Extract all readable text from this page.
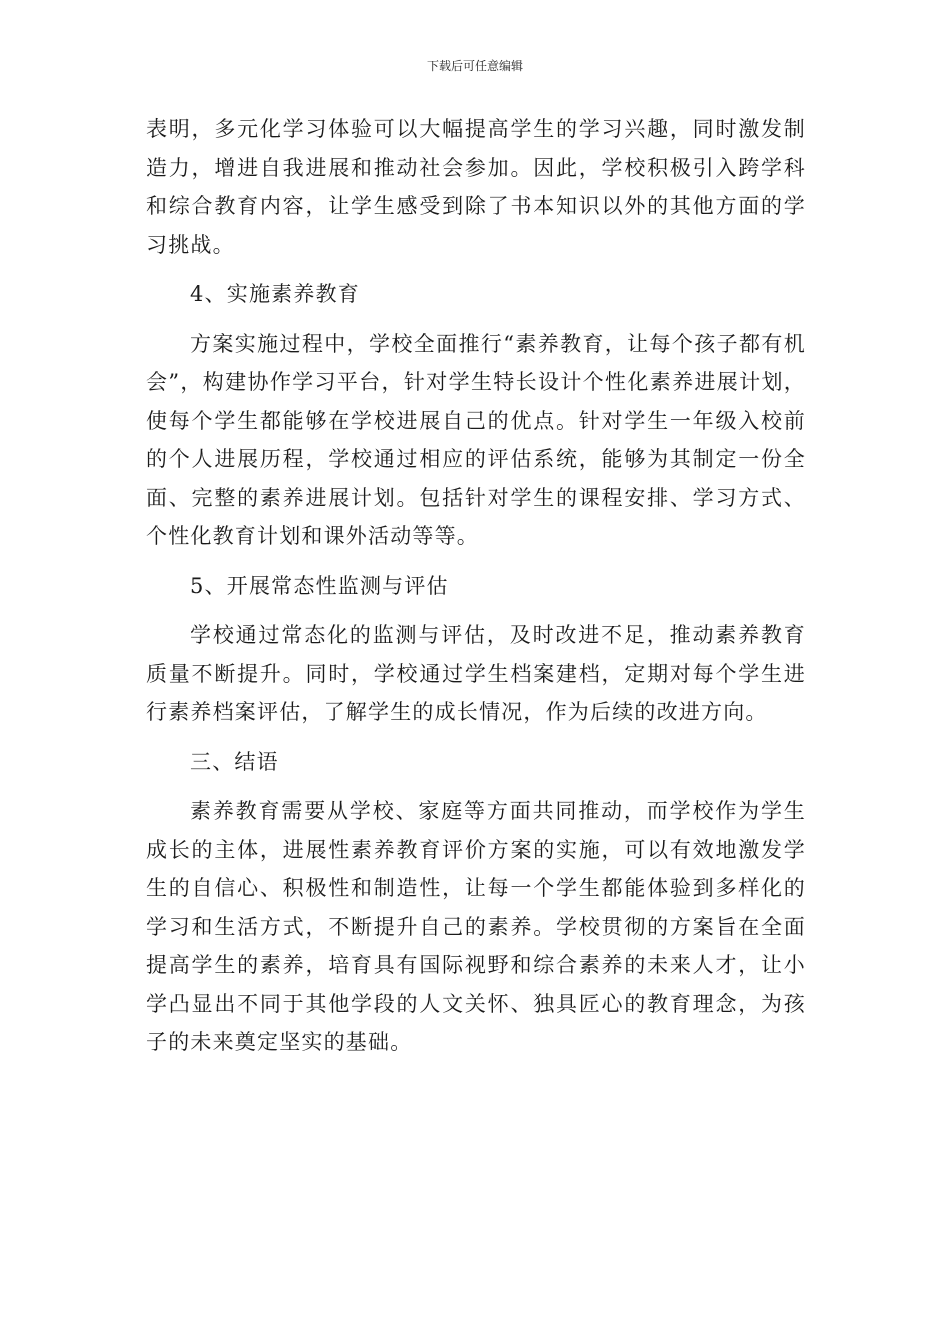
下载后可任意编辑

表明，多元化学习体验可以大幅提高学生的学习兴趣，同时激发制造力，增进自我进展和推动社会参加。因此，学校积极引入跨学科和综合教育内容，让学生感受到除了书本知识以外的其他方面的学习挑战。

4、实施素养教育

方案实施过程中，学校全面推行“素养教育，让每个孩子都有机会”，构建协作学习平台，针对学生特长设计个性化素养进展计划，使每个学生都能够在学校进展自己的优点。针对学生一年级入校前的个人进展历程，学校通过相应的评估系统，能够为其制定一份全面、完整的素养进展计划。包括针对学生的课程安排、学习方式、个性化教育计划和课外活动等等。

5、开展常态性监测与评估

学校通过常态化的监测与评估，及时改进不足，推动素养教育质量不断提升。同时，学校通过学生档案建档，定期对每个学生进行素养档案评估，了解学生的成长情况，作为后续的改进方向。

三、结语

素养教育需要从学校、家庭等方面共同推动，而学校作为学生成长的主体，进展性素养教育评价方案的实施，可以有效地激发学生的自信心、积极性和制造性，让每一个学生都能体验到多样化的学习和生活方式，不断提升自己的素养。学校贯彻的方案旨在全面提高学生的素养，培育具有国际视野和综合素养的未来人才，让小学凸显出不同于其他学段的人文关怀、独具匠心的教育理念，为孩子的未来奠定坚实的基础。
